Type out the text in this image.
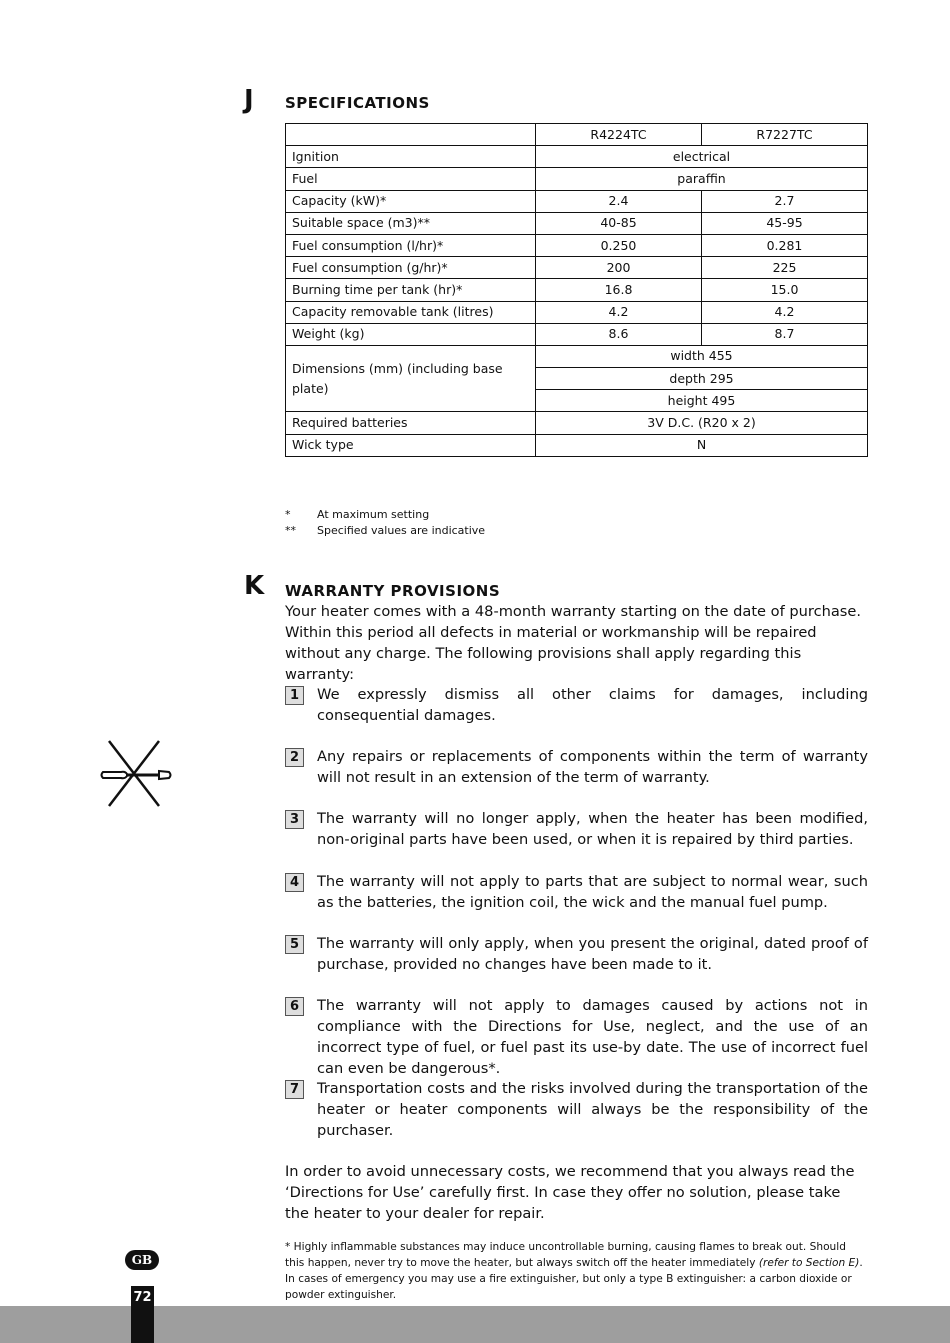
J SPECIFICATIONS
	R4224TC	R7227TC
Ignition	electrical	
Fuel	paraffin	
Capacity (kW)*	2.4	2.7
Suitable space (m3)**	40-85	45-95
Fuel consumption (l/hr)*	0.250	0.281
Fuel consumption (g/hr)*	200	225
Burning time per tank (hr)*	16.8	15.0
Capacity removable tank (litres)	4.2	4.2
Weight (kg)	8.6	8.7
Dimensions (mm) (including base plate)	width 455	
	depth 295	
	height 495	
Required batteries	3V D.C. (R20 x 2)	
Wick type	N	
*	At maximum setting
**	Specified values are indicative
K WARRANTY PROVISIONS
Your heater comes with a 48-month warranty starting on the date of purchase. Within this period all defects in material or workmanship will be repaired without any charge. The following provisions shall apply regarding this warranty:
1	We expressly dismiss all other claims for damages, including consequential damages.
2	Any repairs or replacements of components within the term of warranty will not result in an extension of the term of warranty.
3	The warranty will no longer apply, when the heater has been modified, non-original parts have been used, or when it is repaired by third parties.
4	The warranty will not apply to parts that are subject to normal wear, such as the batteries, the ignition coil, the wick and the manual fuel pump.
5	The warranty will only apply, when you present the original, dated proof of purchase, provided no changes have been made to it.
6	The warranty will not apply to damages caused by actions not in compliance with the Directions for Use, neglect, and the use of an incorrect type of fuel, or fuel past its use-by date. The use of incorrect fuel can even be dangerous*.
7	Transportation costs and the risks involved during the transportation of the heater or heater components will always be the responsibility of the purchaser.
In order to avoid unnecessary costs, we recommend that you always read the ‘Directions for Use’ carefully first. In case they offer no solution, please take the heater to your dealer for repair.
* Highly inflammable substances may induce uncontrollable burning, causing flames to break out. Should this happen, never try to move the heater, but always switch off the heater immediately (refer to Section E). In cases of emergency you may use a fire extinguisher, but only a type B extinguisher: a carbon dioxide or powder extinguisher.
GB
72
